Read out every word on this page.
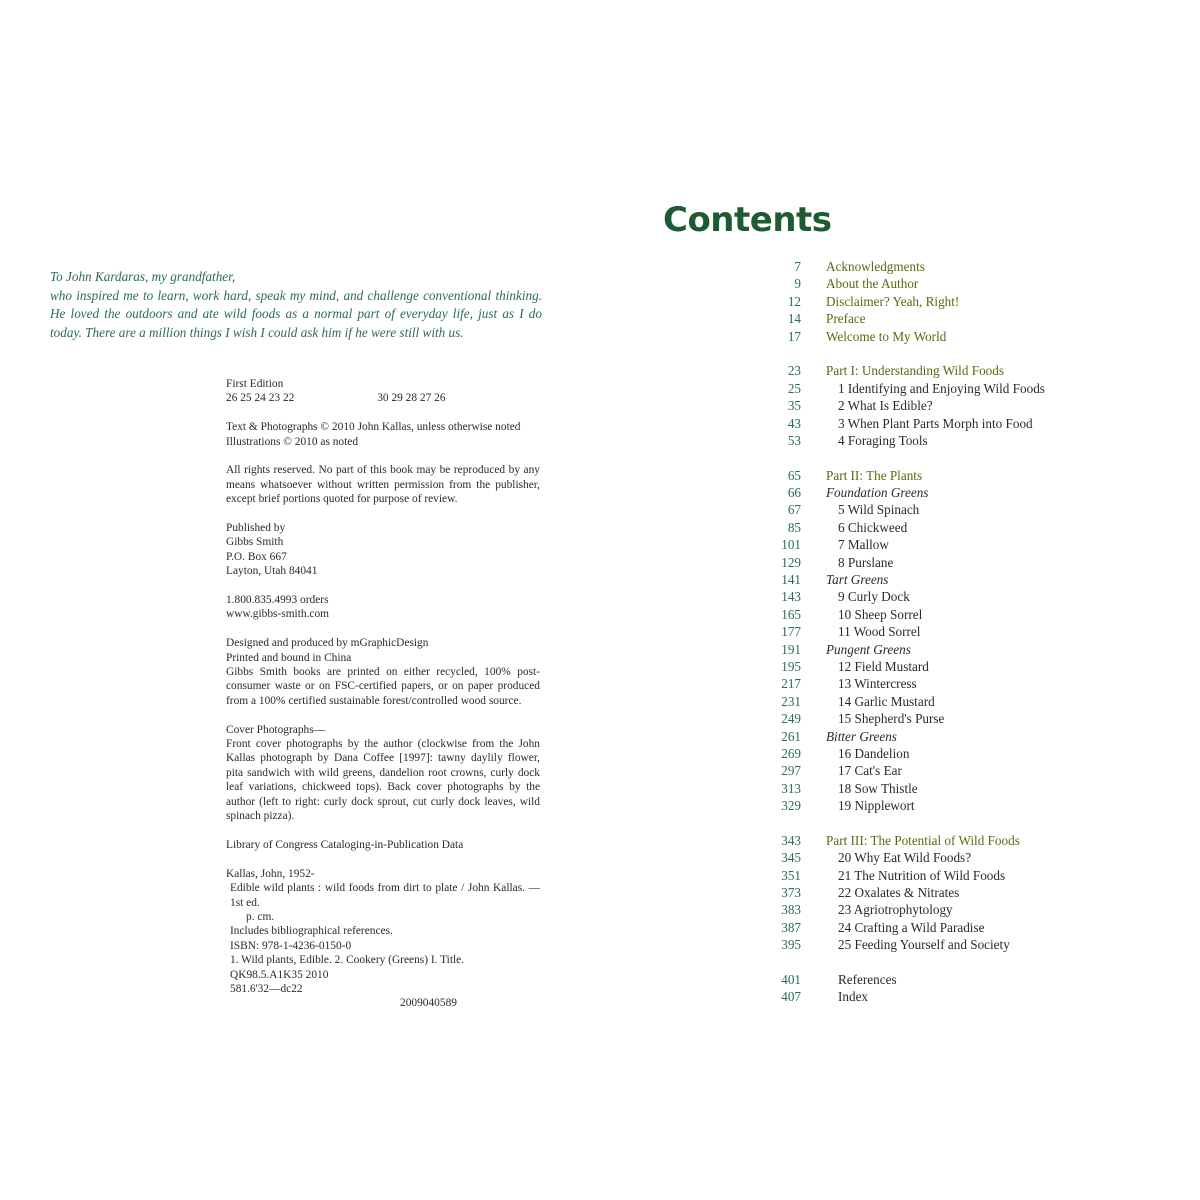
To John Kardaras, my grandfather,
who inspired me to learn, work hard, speak my mind, and challenge conventional thinking. He loved the outdoors and ate wild foods as a normal part of everyday life, just as I do today. There are a million things I wish I could ask him if he were still with us.
First Edition
26 25 24 23 22	30 29 28 27 26
Text & Photographs © 2010 John Kallas, unless otherwise noted
Illustrations © 2010 as noted
All rights reserved. No part of this book may be reproduced by any means whatsoever without written permission from the publisher, except brief portions quoted for purpose of review.
Published by
Gibbs Smith
P.O. Box 667
Layton, Utah 84041
1.800.835.4993 orders
www.gibbs-smith.com
Designed and produced by mGraphicDesign
Printed and bound in China
Gibbs Smith books are printed on either recycled, 100% post-consumer waste or on FSC-certified papers, or on paper produced from a 100% certified sustainable forest/controlled wood source.
Cover Photographs—
Front cover photographs by the author (clockwise from the John Kallas photograph by Dana Coffee [1997]: tawny daylily flower, pita sandwich with wild greens, dandelion root crowns, curly dock leaf variations, chickweed tops). Back cover photographs by the author (left to right: curly dock sprout, cut curly dock leaves, wild spinach pizza).
Library of Congress Cataloging-in-Publication Data
Kallas, John, 1952-
Edible wild plants : wild foods from dirt to plate / John Kallas. — 1st ed.
p. cm.
Includes bibliographical references.
ISBN: 978-1-4236-0150-0
1. Wild plants, Edible. 2. Cookery (Greens) I. Title.
QK98.5.A1K35 2010
581.6'32—dc22
2009040589
Contents
7 Acknowledgments
9 About the Author
12 Disclaimer? Yeah, Right!
14 Preface
17 Welcome to My World
23 Part I: Understanding Wild Foods
25	1 Identifying and Enjoying Wild Foods
35	2 What Is Edible?
43	3 When Plant Parts Morph into Food
53	4 Foraging Tools
65 Part II: The Plants
66 Foundation Greens
67	5 Wild Spinach
85	6 Chickweed
101	7 Mallow
129	8 Purslane
141 Tart Greens
143	9 Curly Dock
165	10 Sheep Sorrel
177	11 Wood Sorrel
191 Pungent Greens
195	12 Field Mustard
217	13 Wintercress
231	14 Garlic Mustard
249	15 Shepherd's Purse
261 Bitter Greens
269	16 Dandelion
297	17 Cat's Ear
313	18 Sow Thistle
329	19 Nipplewort
343 Part III: The Potential of Wild Foods
345	20 Why Eat Wild Foods?
351	21 The Nutrition of Wild Foods
373	22 Oxalates & Nitrates
383	23 Agriotrophytology
387	24 Crafting a Wild Paradise
395	25 Feeding Yourself and Society
401	References
407	Index
